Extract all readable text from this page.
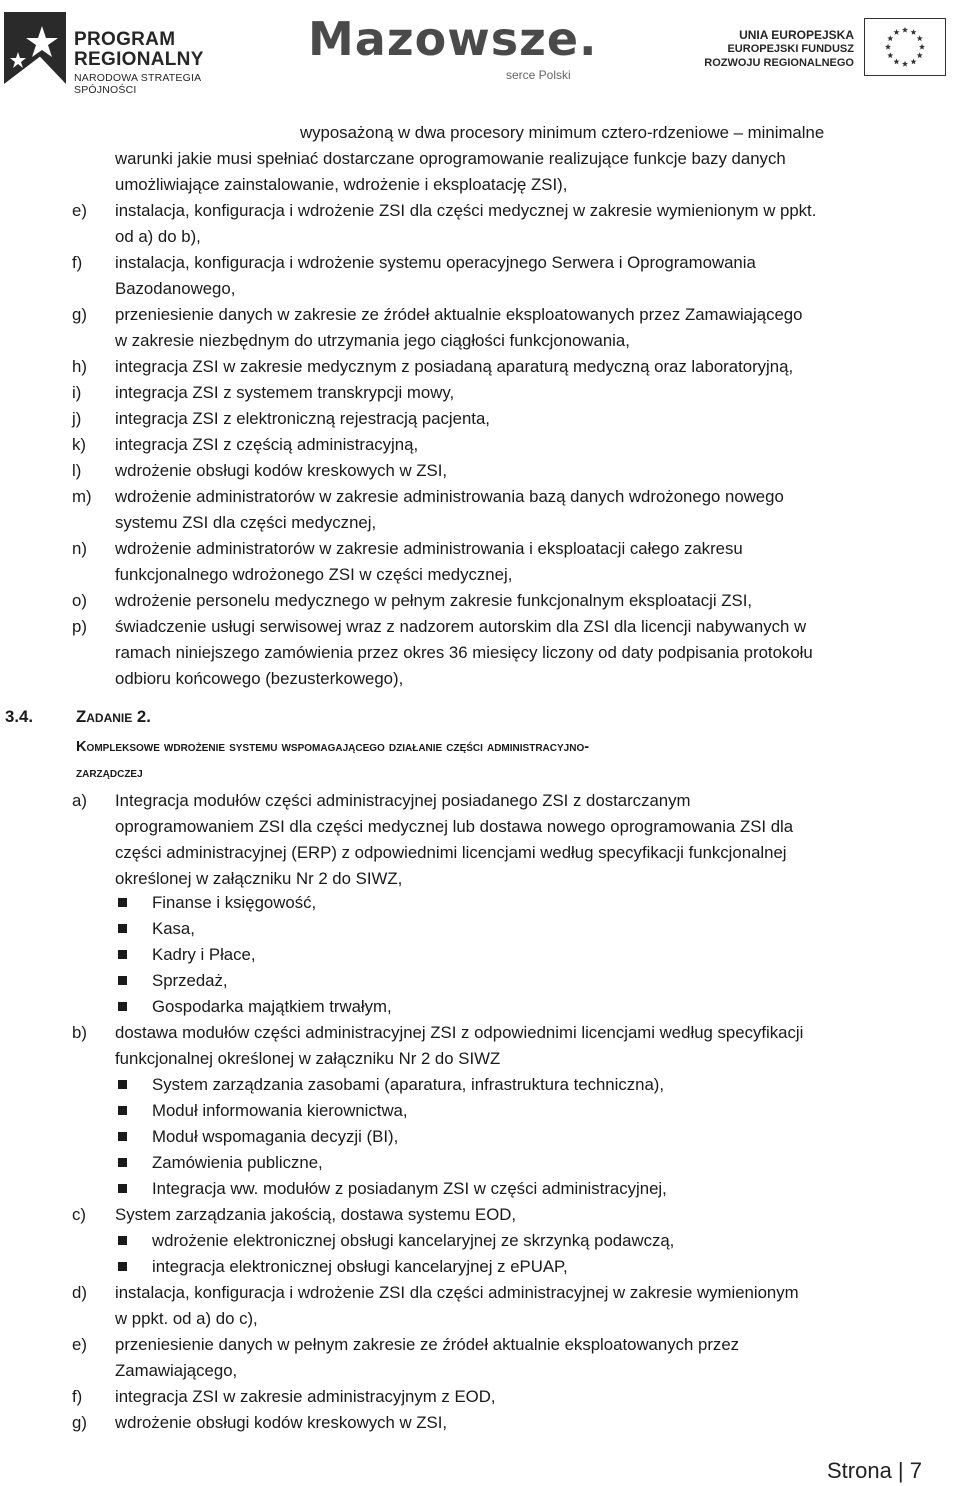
PROGRAM
REGIONALNY
NARODOWA STRATEGIA SPÓJNOŚCI
Mazowsze.
serce Polski
UNIA EUROPEJSKA
EUROPEJSKI FUNDUSZ
ROZWOJU REGIONALNEGO
wyposażoną w dwa procesory minimum cztero-rdzeniowe – minimalne
warunki jakie musi spełniać dostarczane oprogramowanie realizujące funkcje bazy danych
umożliwiające zainstalowanie, wdrożenie i eksploatację ZSI),
e) instalacja, konfiguracja i wdrożenie ZSI dla części medycznej w zakresie wymienionym w ppkt.
od a) do b),
f) instalacja, konfiguracja i wdrożenie systemu operacyjnego Serwera i Oprogramowania
Bazodanowego,
g) przeniesienie danych w zakresie ze źródeł aktualnie eksploatowanych przez Zamawiającego
w zakresie niezbędnym do utrzymania jego ciągłości funkcjonowania,
h) integracja ZSI w zakresie medycznym z posiadaną aparaturą medyczną oraz laboratoryjną,
i) integracja ZSI z systemem transkrypcji mowy,
j) integracja ZSI z elektroniczną rejestracją pacjenta,
k) integracja ZSI z częścią administracyjną,
l) wdrożenie obsługi kodów kreskowych w ZSI,
m) wdrożenie administratorów w zakresie administrowania bazą danych wdrożonego nowego
systemu ZSI dla części medycznej,
n) wdrożenie administratorów w zakresie administrowania i eksploatacji całego zakresu
funkcjonalnego wdrożonego ZSI w części medycznej,
o) wdrożenie personelu medycznego w pełnym zakresie funkcjonalnym eksploatacji ZSI,
p) świadczenie usługi serwisowej wraz z nadzorem autorskim dla ZSI dla licencji nabywanych w
ramach niniejszego zamówienia przez okres 36 miesięcy liczony od daty podpisania protokołu
odbioru końcowego (bezusterkowego),
3.4.	Zadanie 2.
Kompleksowe wdrożenie systemu wspomagającego działanie części administracyjno-
zarządczej
a) Integracja modułów części administracyjnej posiadanego ZSI z dostarczanym
oprogramowaniem ZSI dla części medycznej lub dostawa nowego oprogramowania ZSI dla
części administracyjnej (ERP) z odpowiednimi licencjami według specyfikacji funkcjonalnej
określonej w załączniku Nr 2 do SIWZ,
Finanse i księgowość,
Kasa,
Kadry i Płace,
Sprzedaż,
Gospodarka majątkiem trwałym,
b) dostawa modułów części administracyjnej ZSI z odpowiednimi licencjami według specyfikacji
funkcjonalnej określonej w załączniku Nr 2 do SIWZ
System zarządzania zasobami (aparatura, infrastruktura techniczna),
Moduł informowania kierownictwa,
Moduł wspomagania decyzji (BI),
Zamówienia publiczne,
Integracja ww. modułów z posiadanym ZSI w części administracyjnej,
c) System zarządzania jakością, dostawa systemu EOD,
wdrożenie elektronicznej obsługi kancelaryjnej ze skrzynką podawczą,
integracja elektronicznej obsługi kancelaryjnej z ePUAP,
d) instalacja, konfiguracja i wdrożenie ZSI dla części administracyjnej w zakresie wymienionym
w ppkt. od a) do c),
e) przeniesienie danych w pełnym zakresie ze źródeł aktualnie eksploatowanych przez
Zamawiającego,
f) integracja ZSI w zakresie administracyjnym z EOD,
g) wdrożenie obsługi kodów kreskowych w ZSI,
Strona | 7
